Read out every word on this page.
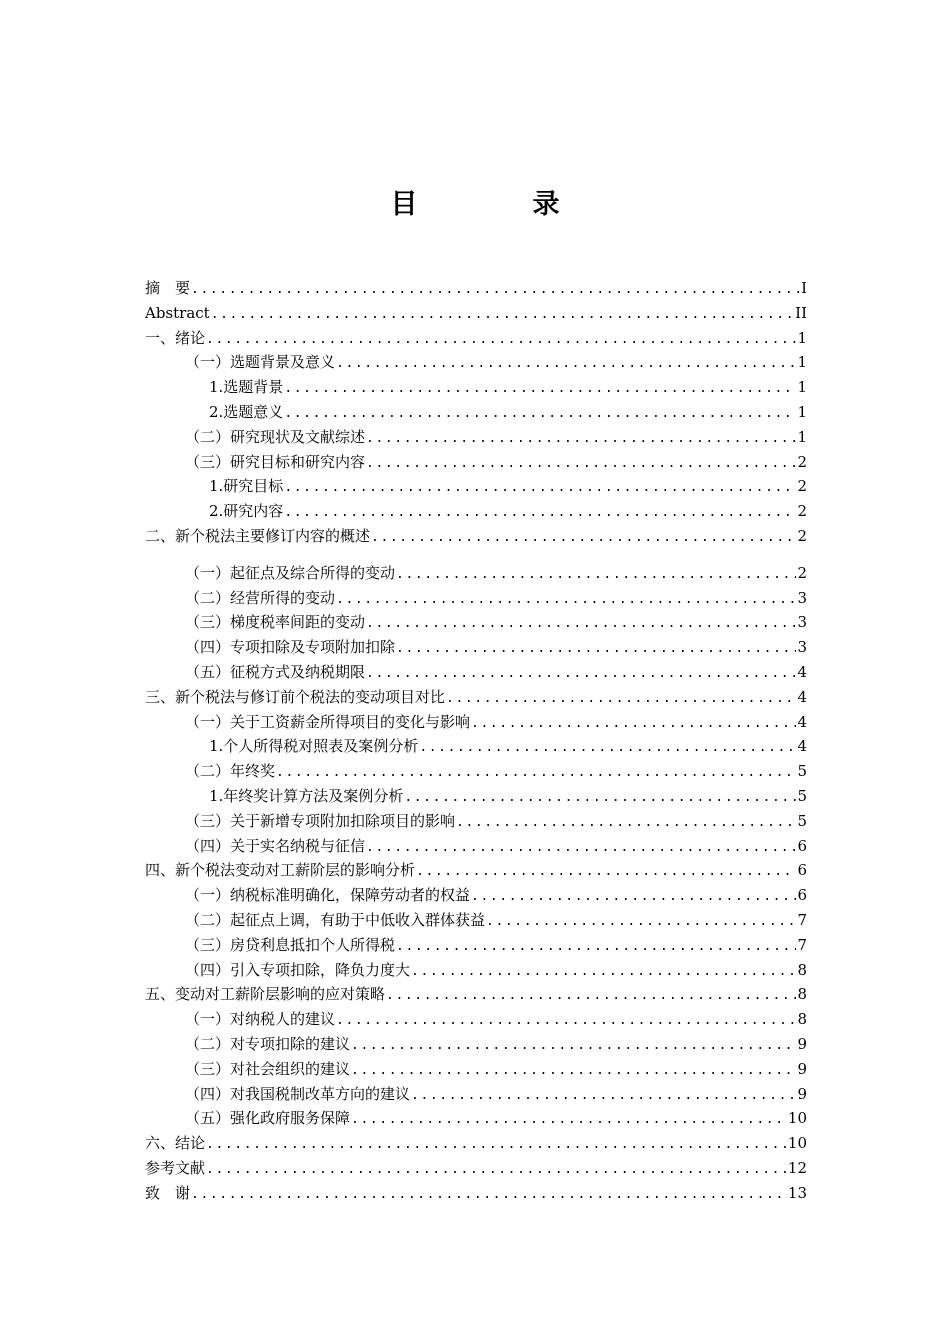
目　录
摘　要 .....	I
Abstract .....	II
一、绪论 .....	1
（一）选题背景及意义 .....	1
1.选题背景 .....	1
2.选题意义 .....	1
（二）研究现状及文献综述 .....	1
（三）研究目标和研究内容 .....	2
1.研究目标 .....	2
2.研究内容 .....	2
二、新个税法主要修订内容的概述 .....	2
（一）起征点及综合所得的变动 .....	2
（二）经营所得的变动 .....	3
（三）梯度税率间距的变动 .....	3
（四）专项扣除及专项附加扣除 .....	3
（五）征税方式及纳税期限 .....	4
三、新个税法与修订前个税法的变动项目对比 .....	4
（一）关于工资薪金所得项目的变化与影响 .....	4
1.个人所得税对照表及案例分析 .....	4
（二）年终奖 .....	5
1.年终奖计算方法及案例分析 .....	5
（三）关于新增专项附加扣除项目的影响 .....	5
（四）关于实名纳税与征信 .....	6
四、新个税法变动对工薪阶层的影响分析 .....	6
（一）纳税标准明确化，保障劳动者的权益 .....	6
（二）起征点上调，有助于中低收入群体获益 .....	7
（三）房贷利息抵扣个人所得税 .....	7
（四）引入专项扣除，降负力度大 .....	8
五、变动对工薪阶层影响的应对策略 .....	8
（一）对纳税人的建议 .....	8
（二）对专项扣除的建议 .....	9
（三）对社会组织的建议 .....	9
（四）对我国税制改革方向的建议 .....	9
（五）强化政府服务保障 .....	10
六、结论 .....	10
参考文献 .....	12
致　谢 .....	13
